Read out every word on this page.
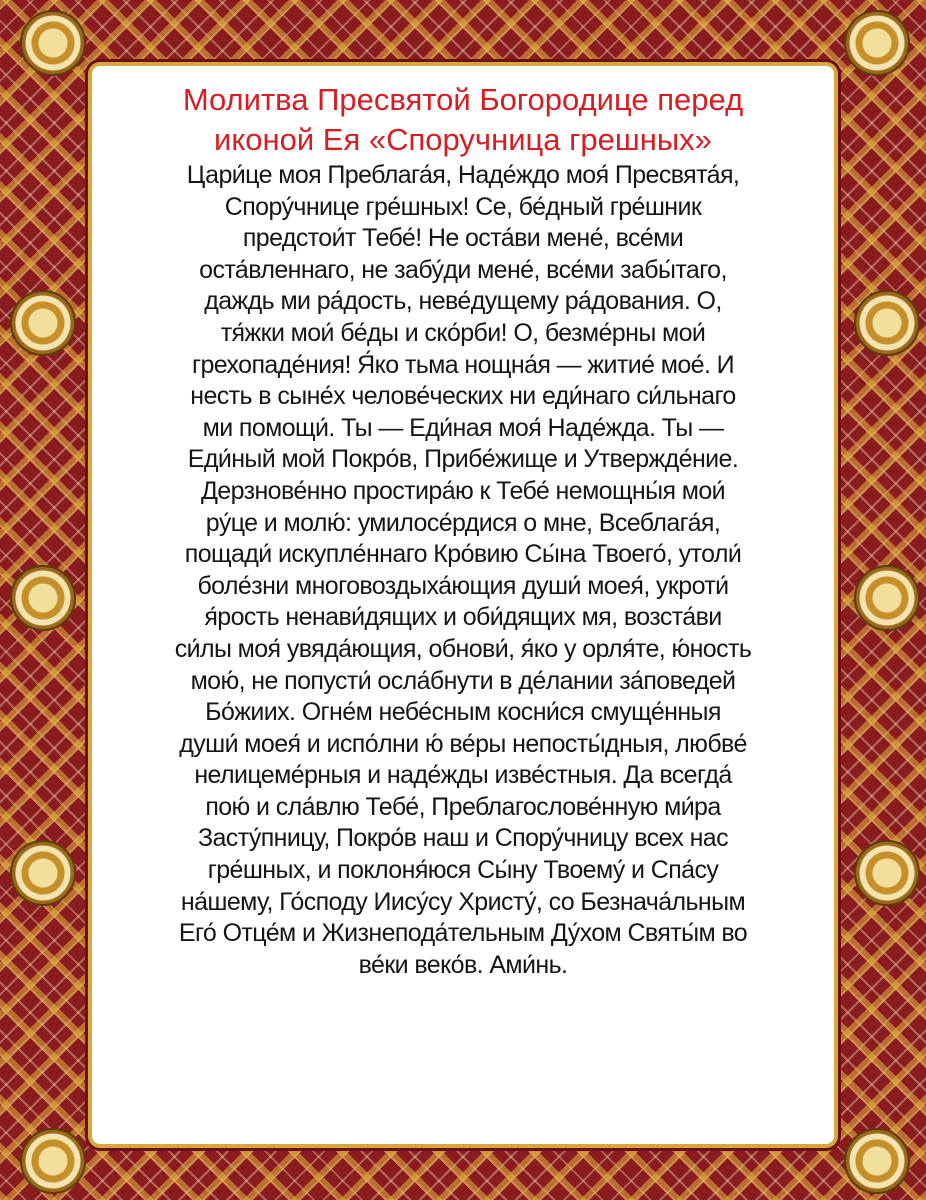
Молитва Пресвятой Богородице перед
иконой Ея «Споручница грешных»
Цари́це моя Преблага́я, Наде́ждо моя́ Пресвята́я,
Спору́чнице гре́шных! Се, бе́дный гре́шник
предстои́т Тебе́! Не оста́ви мене́, все́ми
оста́вленнаго, не забу́ди мене́, все́ми забы́таго,
даждь ми ра́дость, неве́дущему ра́дования. О,
тя́жки мои́ бе́ды и ско́рби! О, безме́рны мои́
грехопаде́ния! Я́ко тьма нощна́я — житие́ мое́. И
несть в сыне́х челове́ческих ни еди́наго си́льнаго
ми помощи́. Ты — Еди́ная моя́ Наде́жда. Ты —
Еди́ный мой Покро́в, Прибе́жище и Утвержде́ние.
Дерзнове́нно простира́ю к Тебе́ немощны́я мои́
ру́це и молю́: умилосе́рдися о мне, Всеблага́я,
пощади́ искупле́ннаго Кро́вию Сы́на Твоего́, утоли́
боле́зни многовоздыха́ющия души́ моея́, укроти́
я́рость ненави́дящих и оби́дящих мя, возста́ви
си́лы моя́ увяда́ющия, обнови́, я́ко у орля́те, ю́ность
мою́, не попусти́ осла́бнути в де́лании за́поведей
Бо́жиих. Огне́м небе́сным косни́ся смуще́нныя
души́ моея́ и испо́лни ю́ ве́ры непосты́дныя, любве́
нелицеме́рныя и наде́жды изве́стныя. Да всегда́
пою́ и сла́влю Тебе́, Преблагослове́нную ми́ра
Засту́пницу, Покро́в наш и Спору́чницу всех нас
гре́шных, и поклоня́юся Сы́ну Твоему́ и Спа́су
на́шему, Го́споду Иису́су Христу́, со Безнача́льным
Его́ Отце́м и Жизнепода́тельным Ду́хом Святы́м во
ве́ки веко́в. Ами́нь.
